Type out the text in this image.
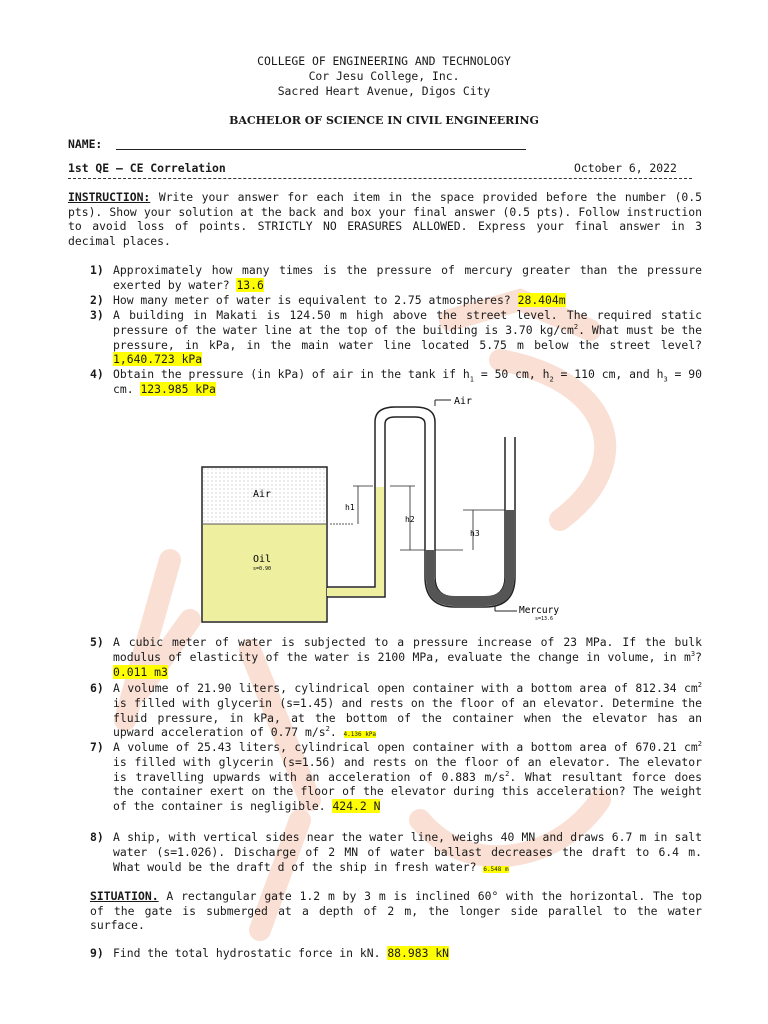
COLLEGE OF ENGINEERING AND TECHNOLOGY
Cor Jesu College, Inc.
Sacred Heart Avenue, Digos City
BACHELOR OF SCIENCE IN CIVIL ENGINEERING
NAME:
1st QE – CE Correlation	October 6, 2022
INSTRUCTION: Write your answer for each item in the space provided before the number (0.5 pts). Show your solution at the back and box your final answer (0.5 pts). Follow instruction to avoid loss of points. STRICTLY NO ERASURES ALLOWED. Express your final answer in 3 decimal places.
1) Approximately how many times is the pressure of mercury greater than the pressure exerted by water? 13.6
2) How many meter of water is equivalent to 2.75 atmospheres? 28.404m
3) A building in Makati is 124.50 m high above the street level. The required static pressure of the water line at the top of the building is 3.70 $kg/cm^2$. What must be the pressure, in kPa, in the main water line located 5.75 m below the street level? 1,640.723 kPa
4) Obtain the pressure (in kPa) of air in the tank if $h_1 = 50$ cm, $h_2 = 110$ cm, and $h_3 = 90$ cm. 123.985 kPa
Air
Oil
s=0.90
Air
h1
h2
h3
Mercury
s=13.6
5) A cubic meter of water is subjected to a pressure increase of 23 MPa. If the bulk modulus of elasticity of the water is 2100 MPa, evaluate the change in volume, in $m^3$? 0.011 m3
6) A volume of 21.90 liters, cylindrical open container with a bottom area of 812.34 $cm^2$ is filled with glycerin (s=1.45) and rests on the floor of an elevator. Determine the fluid pressure, in kPa, at the bottom of the container when the elevator has an upward acceleration of 0.77 $m/s^2$. 4.136 kPa
7) A volume of 25.43 liters, cylindrical open container with a bottom area of 670.21 $cm^2$ is filled with glycerin (s=1.56) and rests on the floor of an elevator. The elevator is travelling upwards with an acceleration of 0.883 $m/s^2$. What resultant force does the container exert on the floor of the elevator during this acceleration? The weight of the container is negligible. 424.2 N
8) A ship, with vertical sides near the water line, weighs 40 MN and draws 6.7 m in salt water (s=1.026). Discharge of 2 MN of water ballast decreases the draft to 6.4 m. What would be the draft d of the ship in fresh water? 6.548 m
SITUATION. A rectangular gate 1.2 m by 3 m is inclined 60° with the horizontal. The top of the gate is submerged at a depth of 2 m, the longer side parallel to the water surface.
9) Find the total hydrostatic force in kN. 88.983 kN
